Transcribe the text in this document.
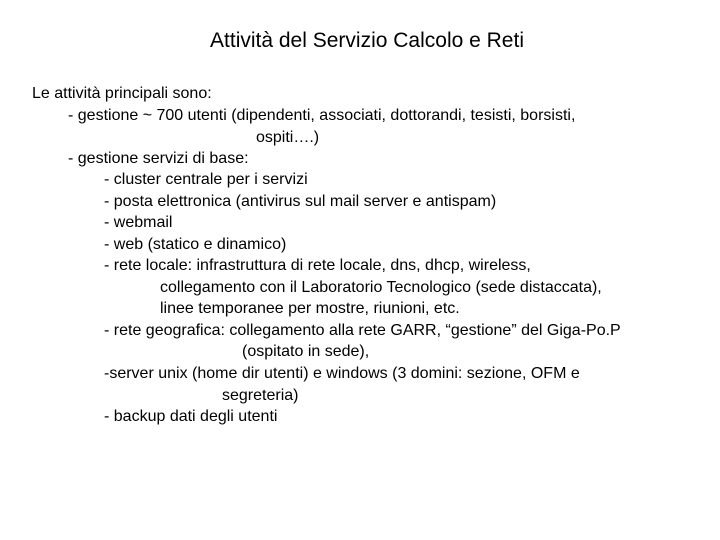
Attività del Servizio Calcolo e Reti
Le attività principali sono:
- gestione ~ 700 utenti (dipendenti, associati, dottorandi, tesisti, borsisti,
ospiti….)
- gestione servizi di base:
- cluster centrale per i servizi
- posta elettronica (antivirus sul mail server e antispam)
- webmail
- web (statico e dinamico)
- rete locale: infrastruttura di rete locale, dns, dhcp, wireless,
collegamento con il Laboratorio Tecnologico (sede distaccata),
linee temporanee per mostre, riunioni, etc.
- rete geografica: collegamento alla rete GARR, “gestione” del Giga-Po.P
(ospitato in sede),
-server unix (home dir utenti) e windows (3 domini: sezione, OFM e
segreteria)
- backup dati degli utenti
